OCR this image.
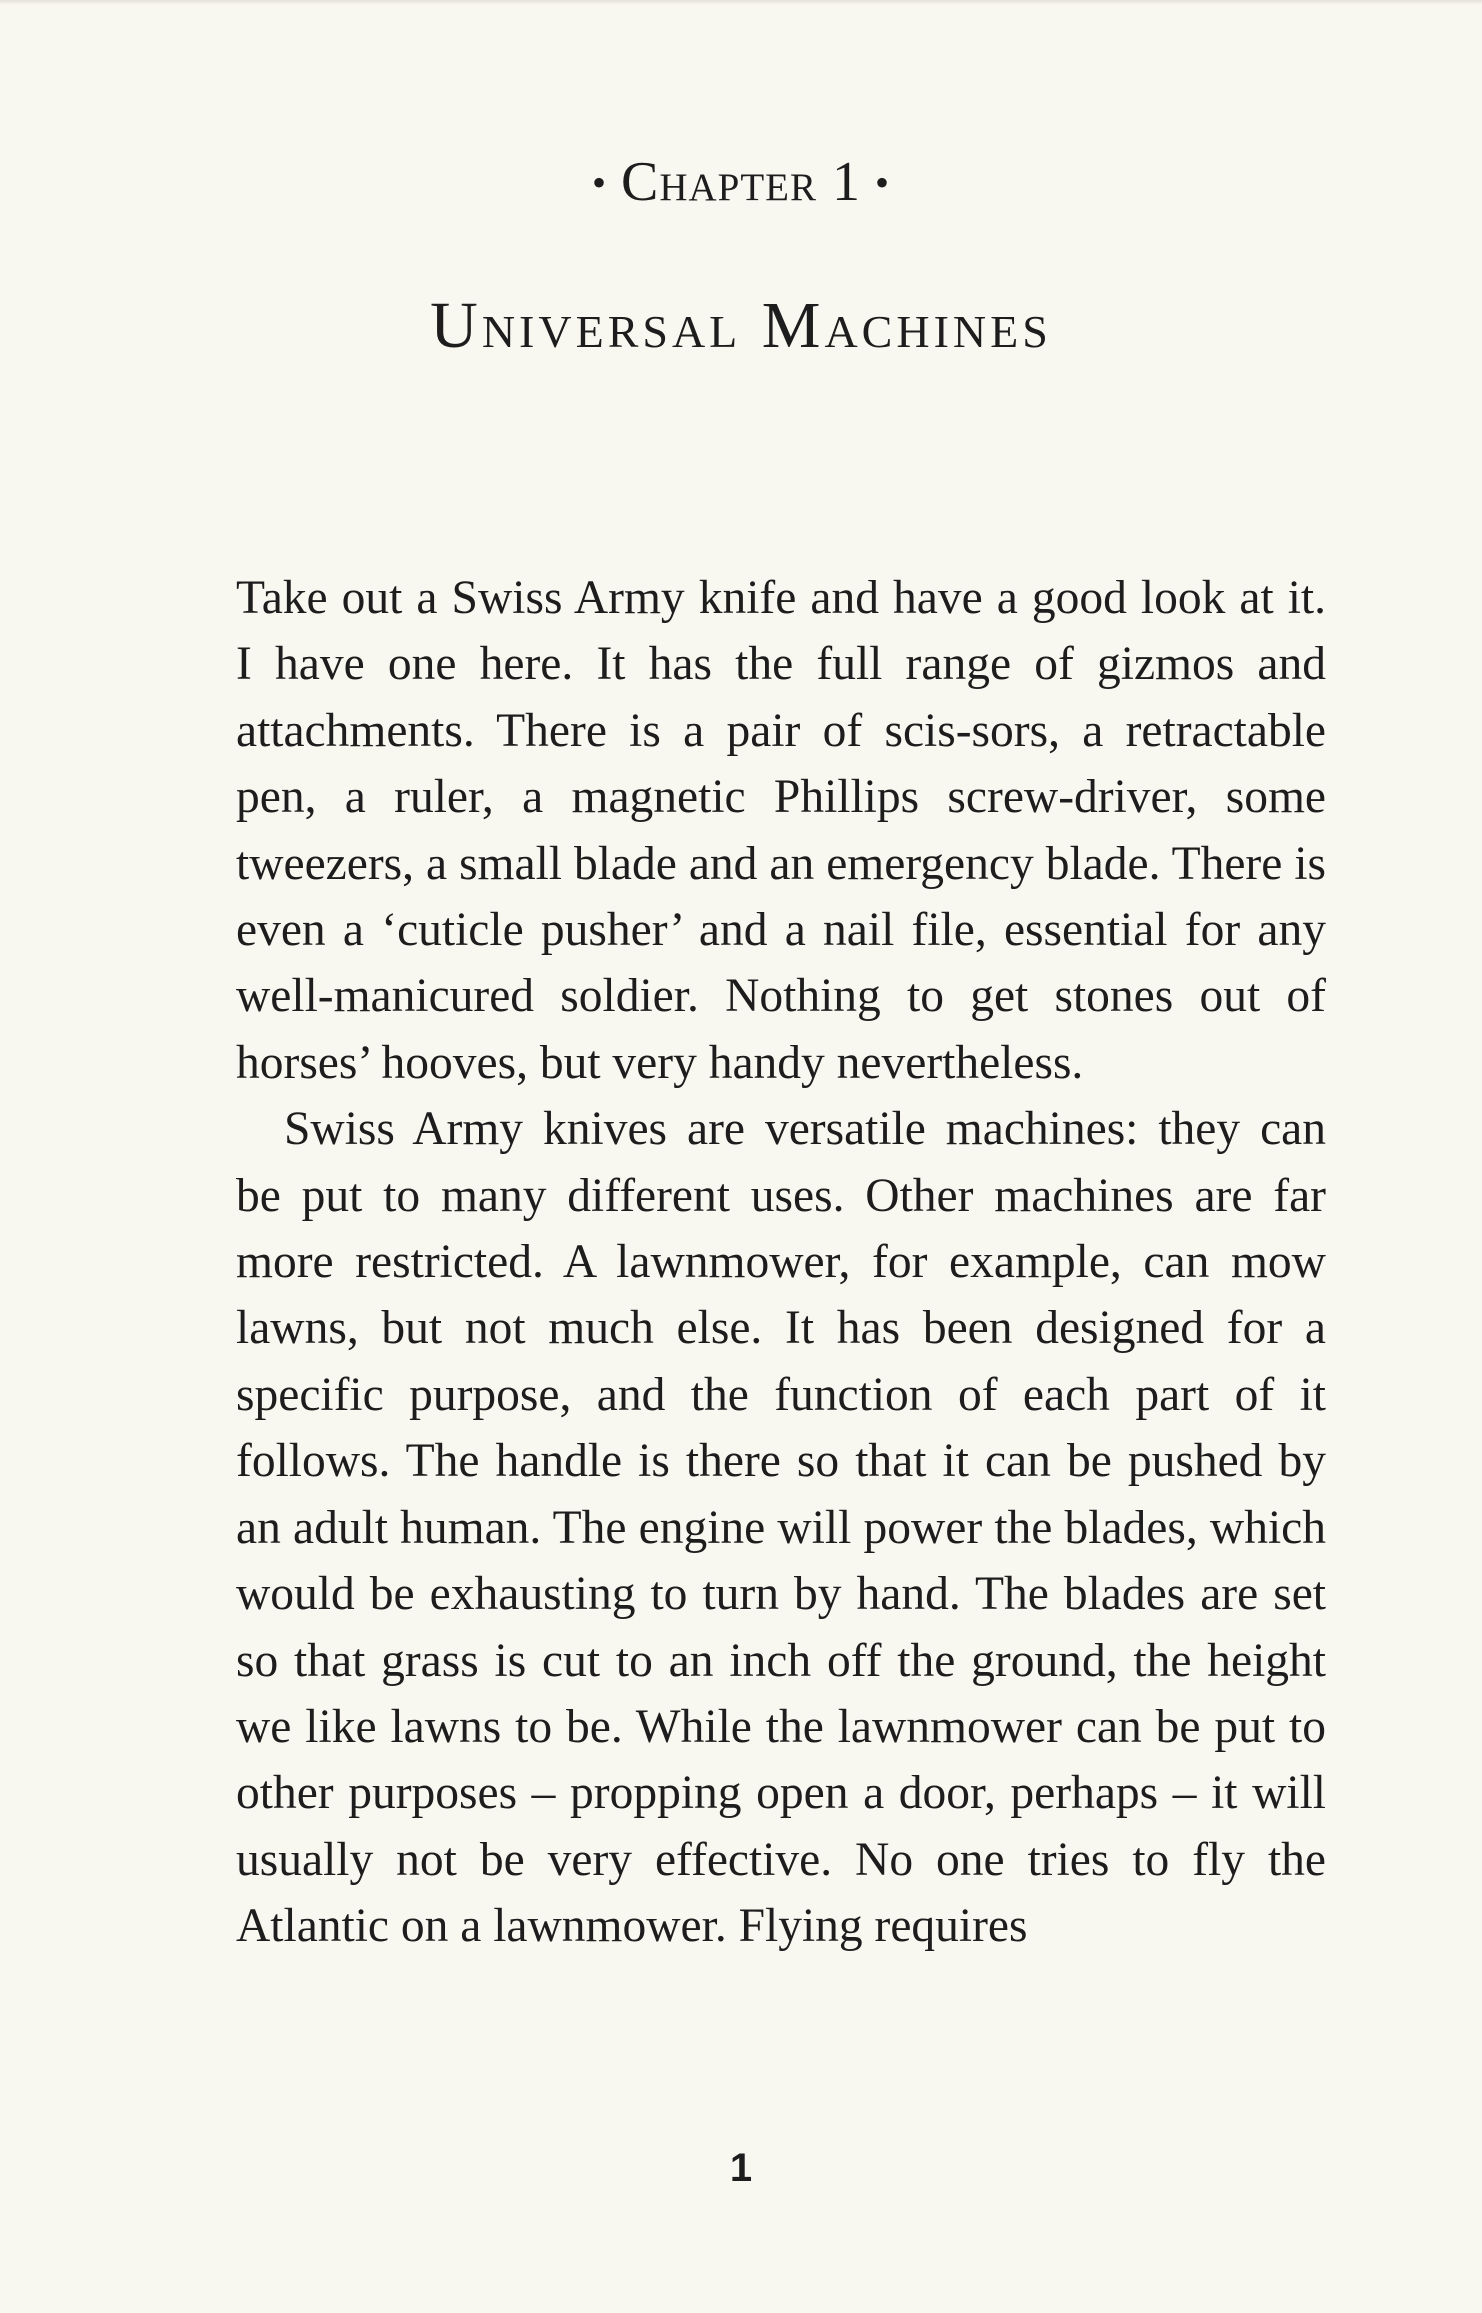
• Chapter 1 •
Universal Machines

Take out a Swiss Army knife and have a good look at it. I have one here. It has the full range of gizmos and attachments. There is a pair of scis-sors, a retractable pen, a ruler, a magnetic Phillips screw-driver, some tweezers, a small blade and an emergency blade. There is even a ‘cuticle pusher’ and a nail file, essential for any well-manicured soldier. Nothing to get stones out of horses’ hooves, but very handy nevertheless.

Swiss Army knives are versatile machines: they can be put to many different uses. Other machines are far more restricted. A lawnmower, for example, can mow lawns, but not much else. It has been designed for a specific purpose, and the function of each part of it follows. The handle is there so that it can be pushed by an adult human. The engine will power the blades, which would be exhausting to turn by hand. The blades are set so that grass is cut to an inch off the ground, the height we like lawns to be. While the lawnmower can be put to other purposes – propping open a door, perhaps – it will usually not be very effective. No one tries to fly the Atlantic on a lawnmower. Flying requires

1
